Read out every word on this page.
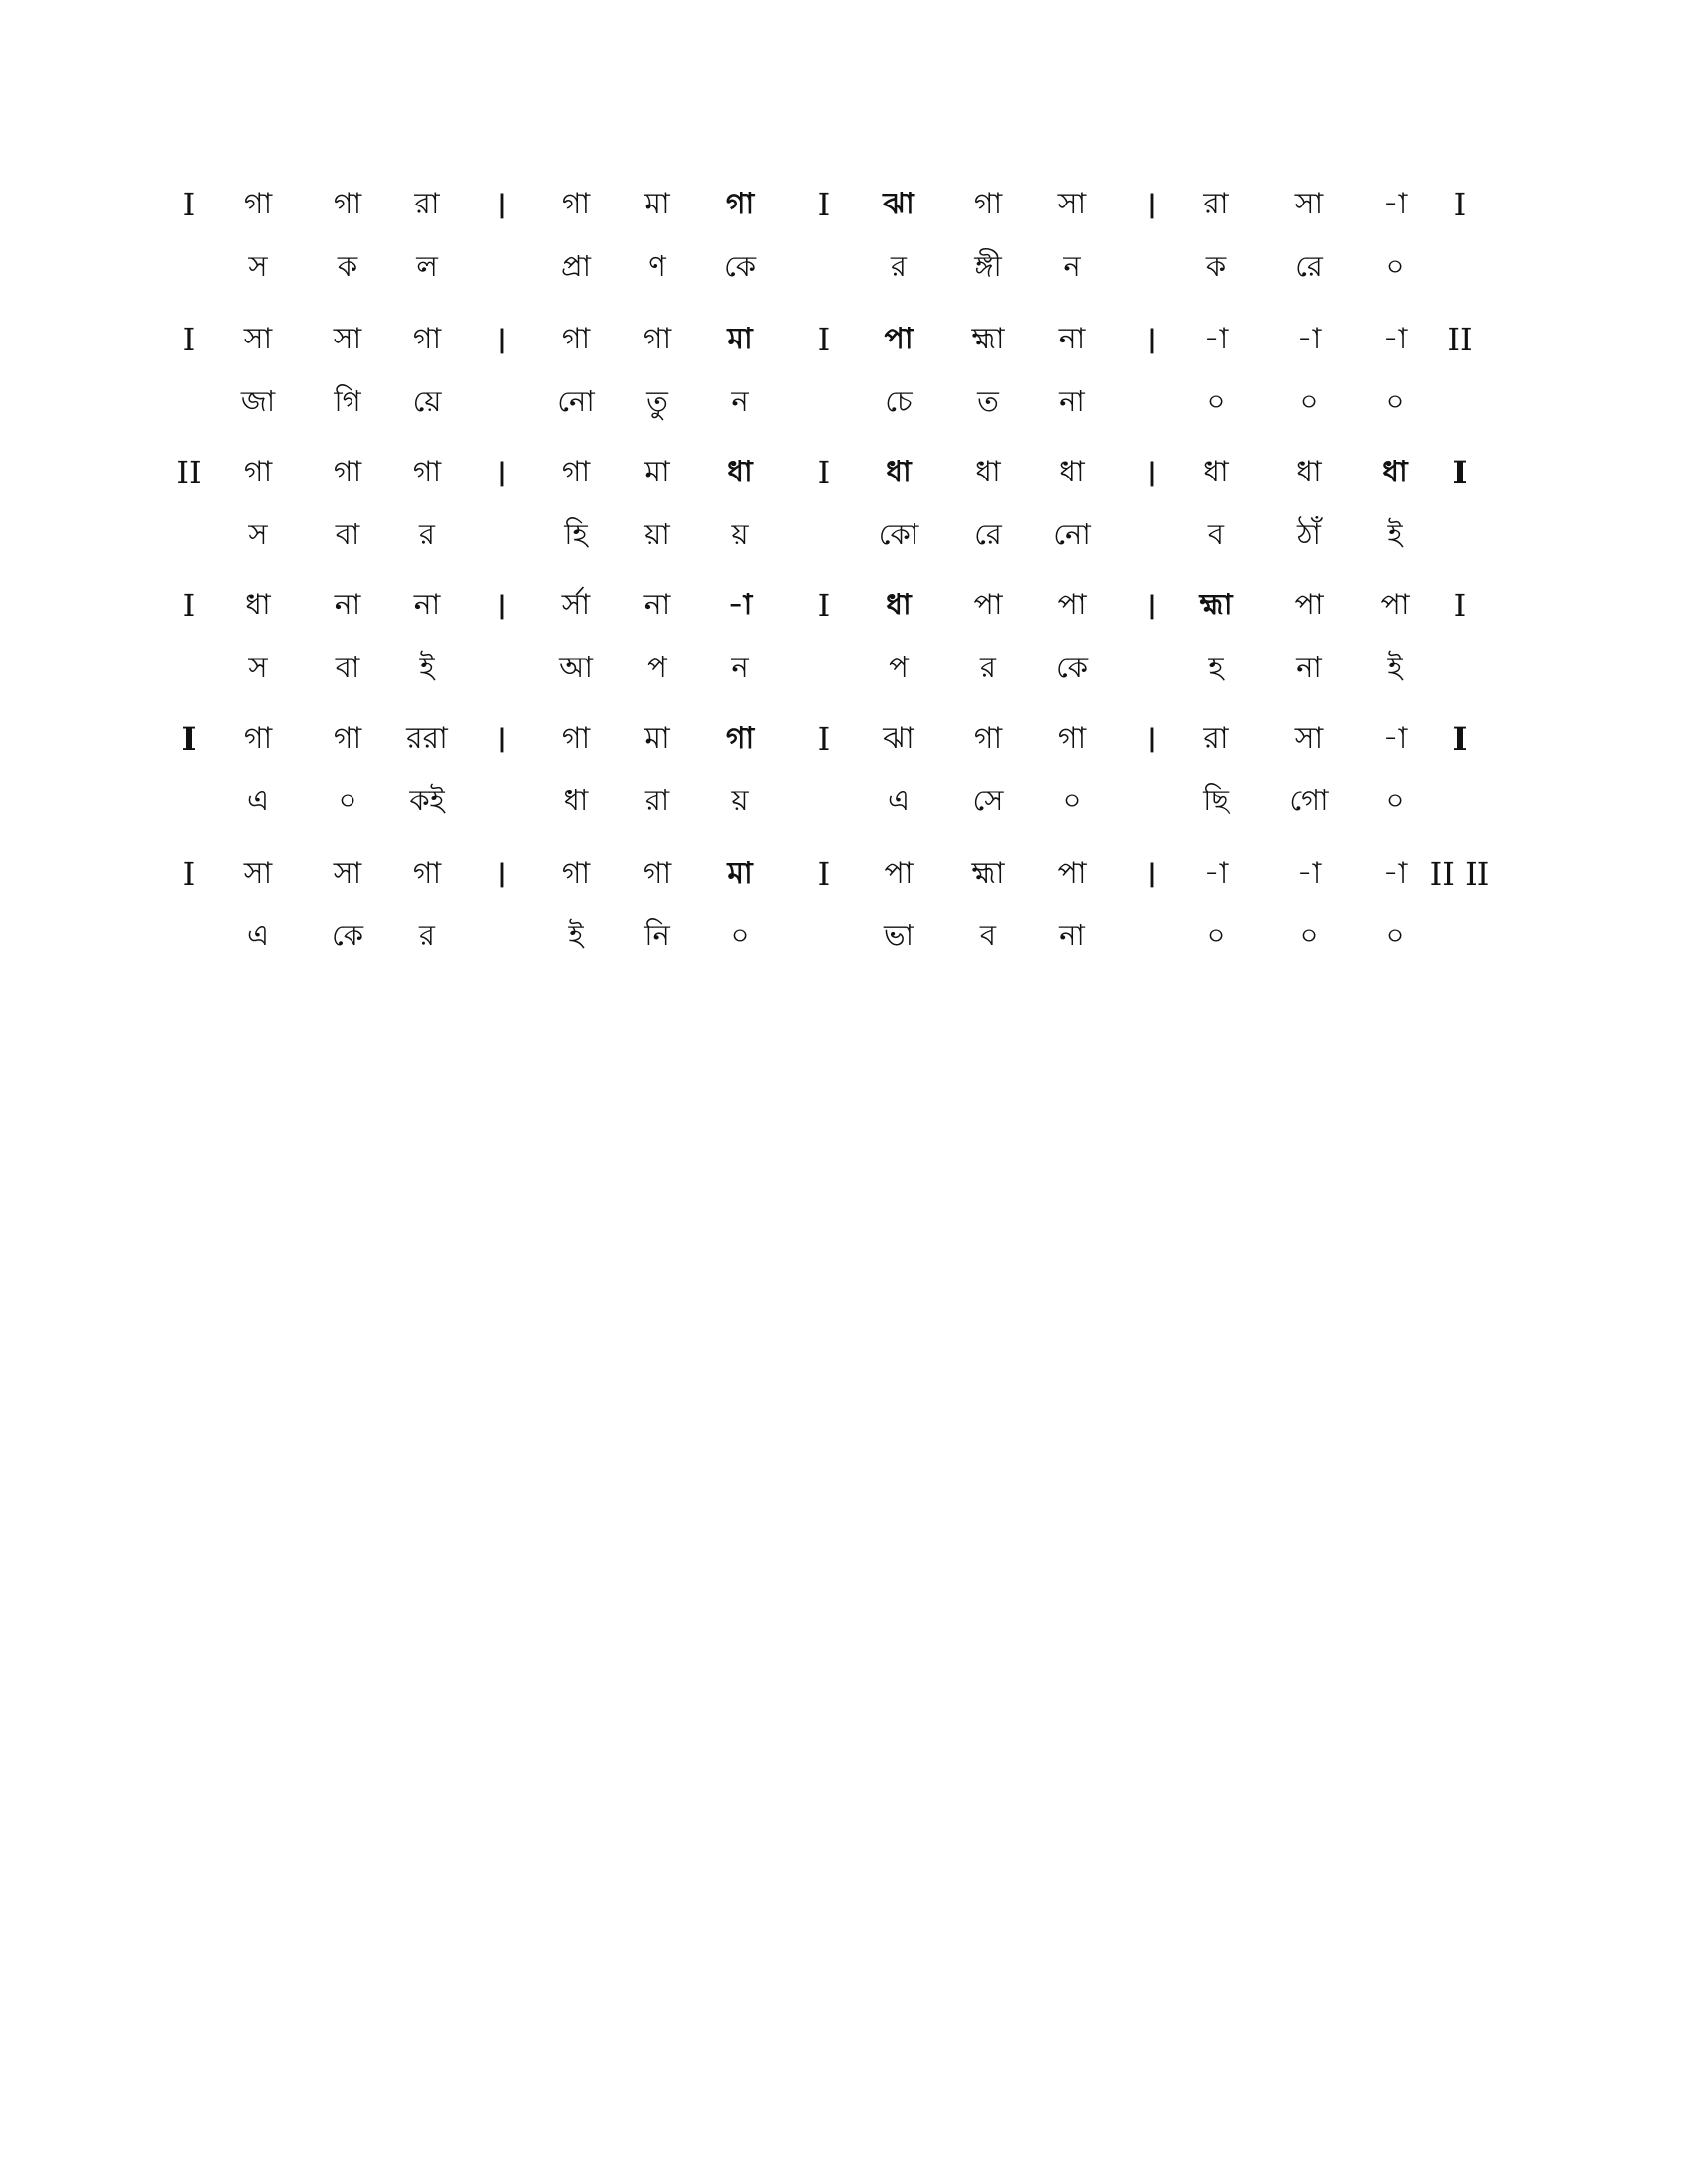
I	গা	গা	রা	|	গা	মা	গা	I	ঝা	গা	সা	|	রা	সা	-া	I
স	ক	ল	প্রা	ণ	কে	র	ঙ্গী	ন	ক	রে	০
I	সা	সা	গা	|	গা	গা	মা	I	পা	হ্মা	না	|	-া	-া	-া	II
জা	গি	য়ে	নো	তু	ন	চে	ত	না	০	০	০
II	গা	গা	গা	|	গা	মা	ধা	I	ধা	ধা	ধা	|	ধা	ধা	ধা	I
স	বা	র	হি	য়া	য়	কো	রে	নো	ব	ঠাঁ	ই
I	ধা	না	না	|	র্সা	না	-া	I	ধা	পা	পা	|	হ্মা	পা	পা	I
স	বা	ই	আ	প	ন	প	র	কে	হ	না	ই
I	গা	গা	ররা	|	গা	মা	গা	I	ঝা	গা	গা	|	রা	সা	-া	I
এ	০	কই	ধা	রা	য়	এ	সে	০	ছি	গো	০
I	সা	সা	গা	|	গা	গা	মা	I	পা	হ্মা	পা	|	-া	-া	-া II II
এ	কে	র	ই	নি	০	ভা	ব	না	০	০	০
